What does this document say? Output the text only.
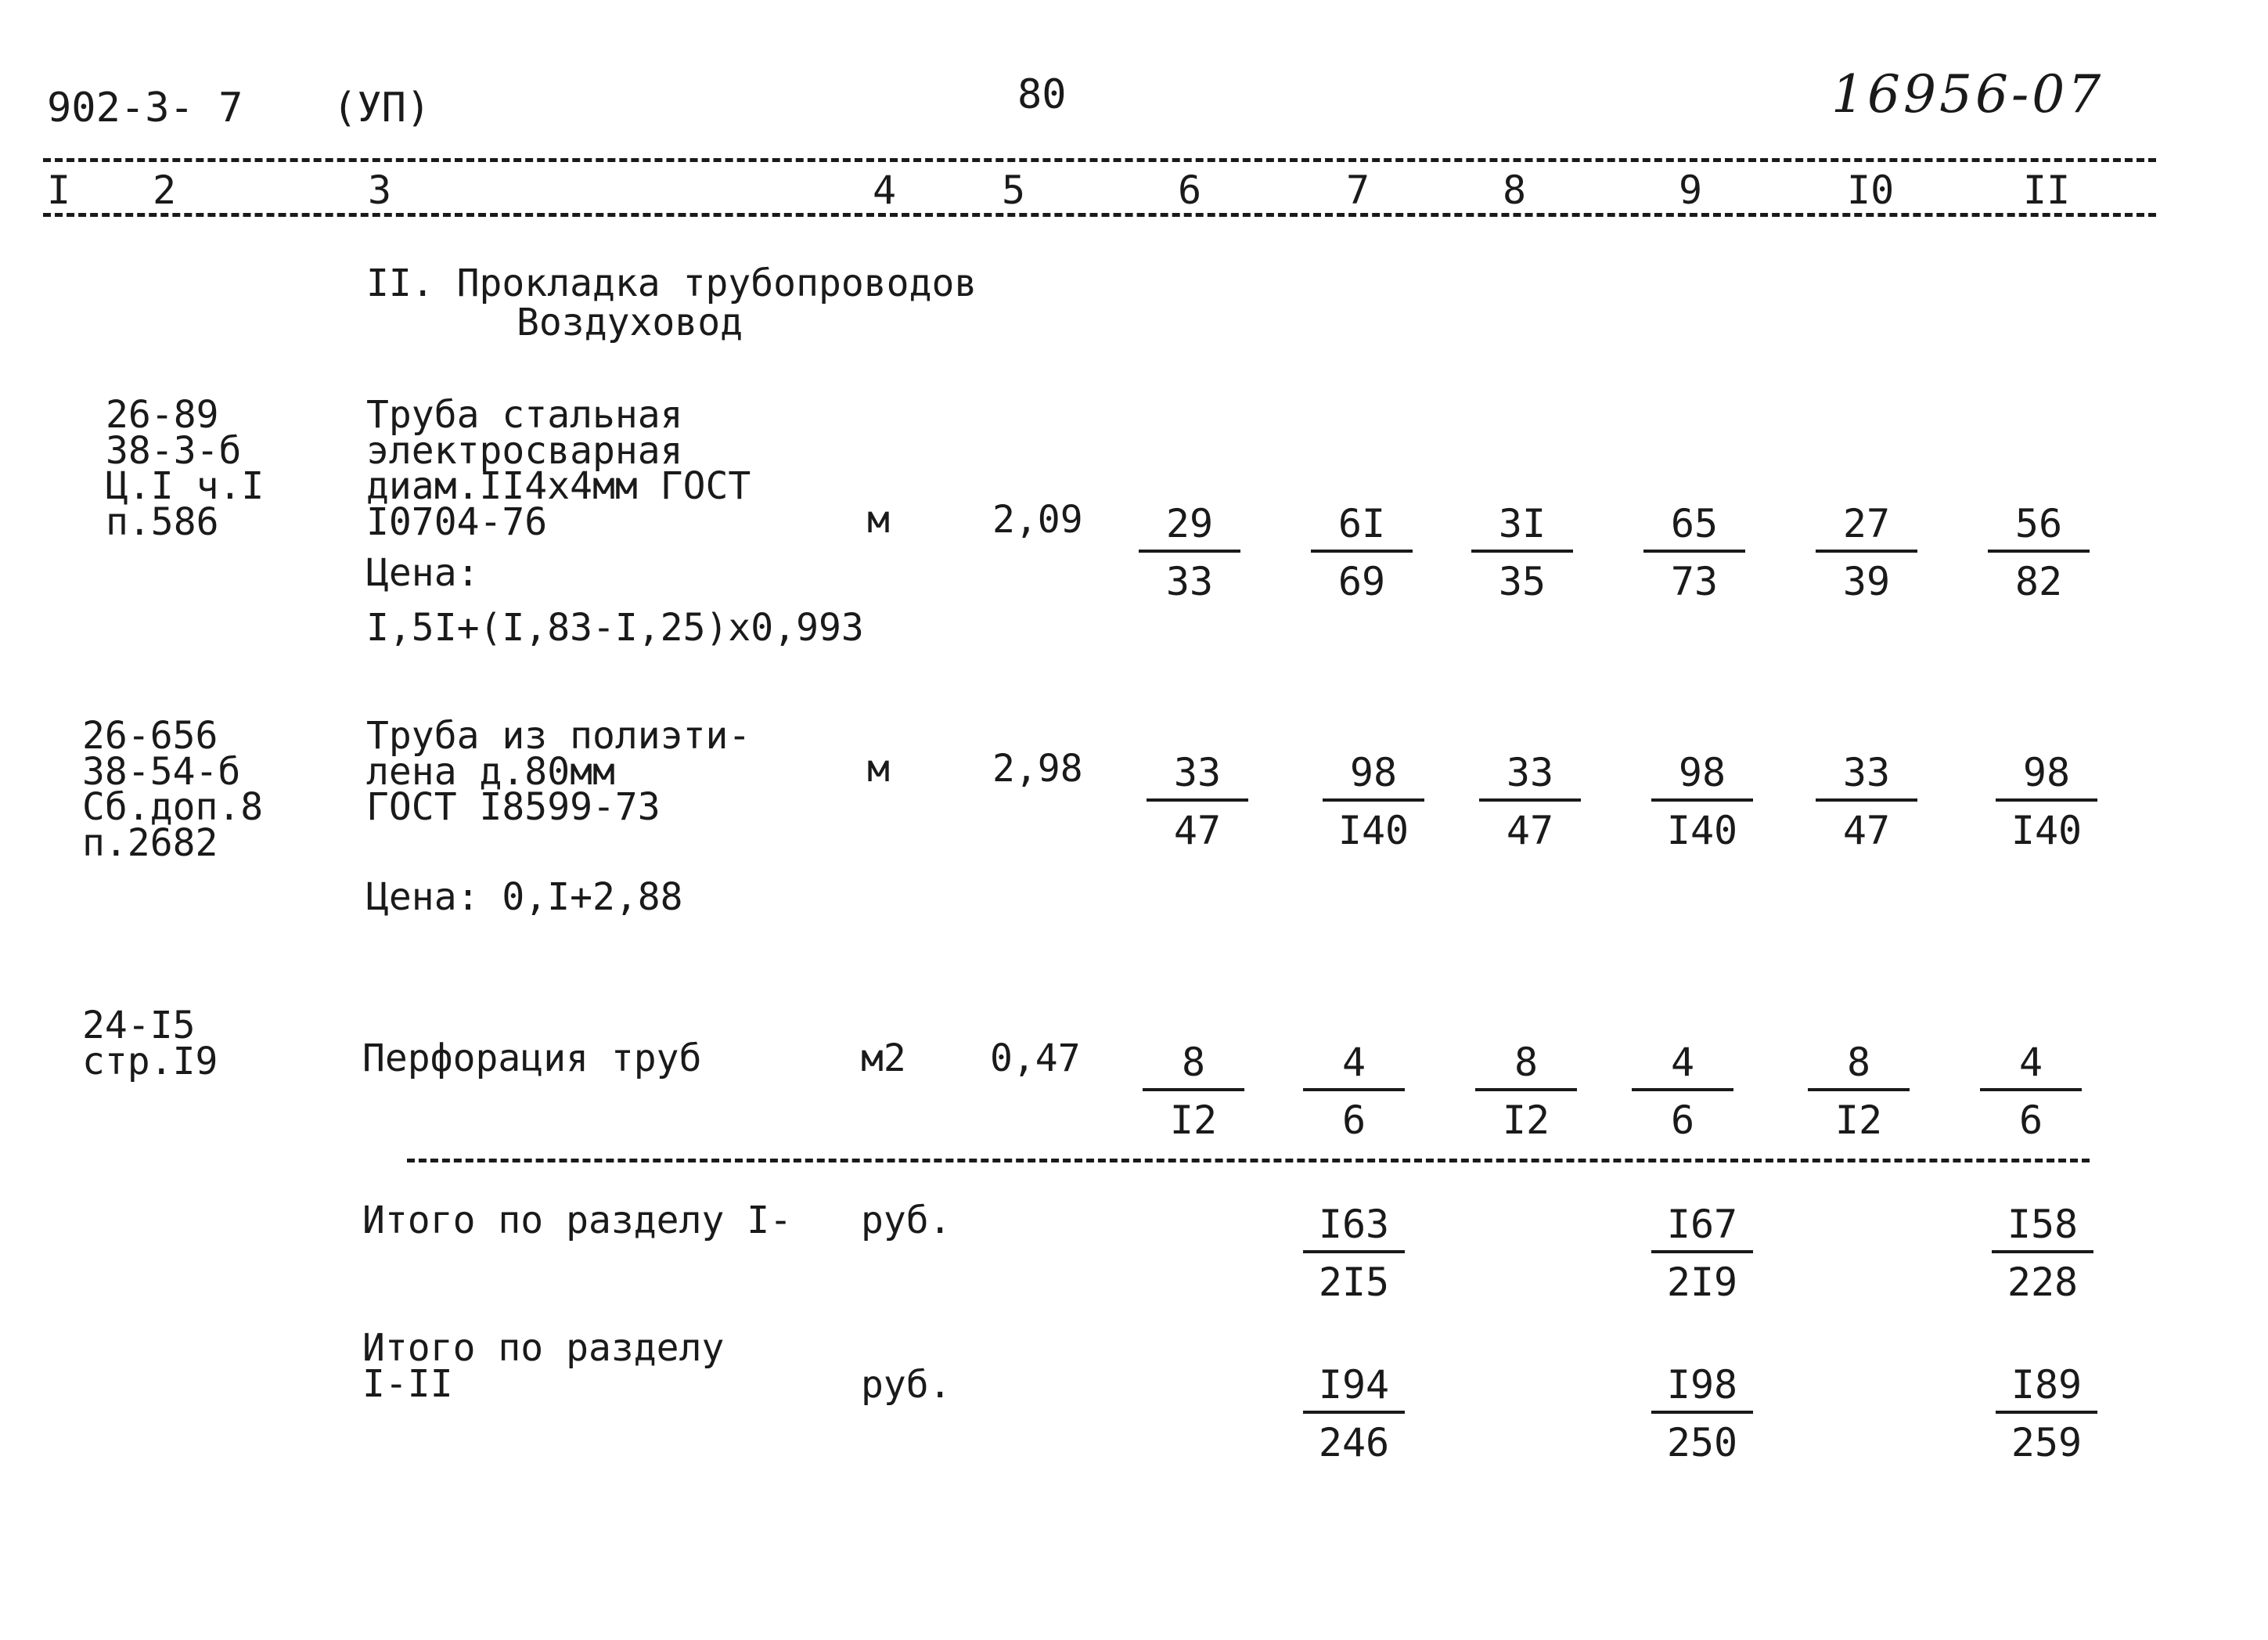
902-3- 7 (УП)	80	16956-07
I 2	3	4	5	6	7	8	9	I0	II
II. Прокладка трубопроводов
Воздуховод
26-89
38-3-б
Ц.I ч.I
п.586
Труба стальная
электросварная
диам.II4х4мм ГОСТ
I0704-76
Цена:
I,5I+(I,83-I,25)х0,993
м	$2,09 \frac{29}{33} \frac{6I}{69} \frac{3I}{35} \frac{65}{73} \frac{27}{39} \frac{56}{82}$
26-656
38-54-б
Сб.доп.8
п.2682
Труба из полиэти-
лена д.80мм
ГОСТ I8599-73
Цена: 0,I+2,88
м	$2,98 \frac{33}{47} \frac{98}{I40} \frac{33}{47} \frac{98}{I40} \frac{33}{47} \frac{98}{I40}$
24-I5
стр.I9	Перфорация труб	м2 $0,47 \frac{8}{I2} \frac{4}{6} \frac{8}{I2} \frac{4}{6} \frac{8}{I2} \frac{4}{6}$
Итого по разделу I- руб.	$\frac{I63}{2I5}$	$\frac{I67}{2I9}$	$\frac{I58}{228}$
Итого по разделу
I-II	руб.	$\frac{I94}{246}$	$\frac{I98}{250}$	$\frac{I89}{259}$
